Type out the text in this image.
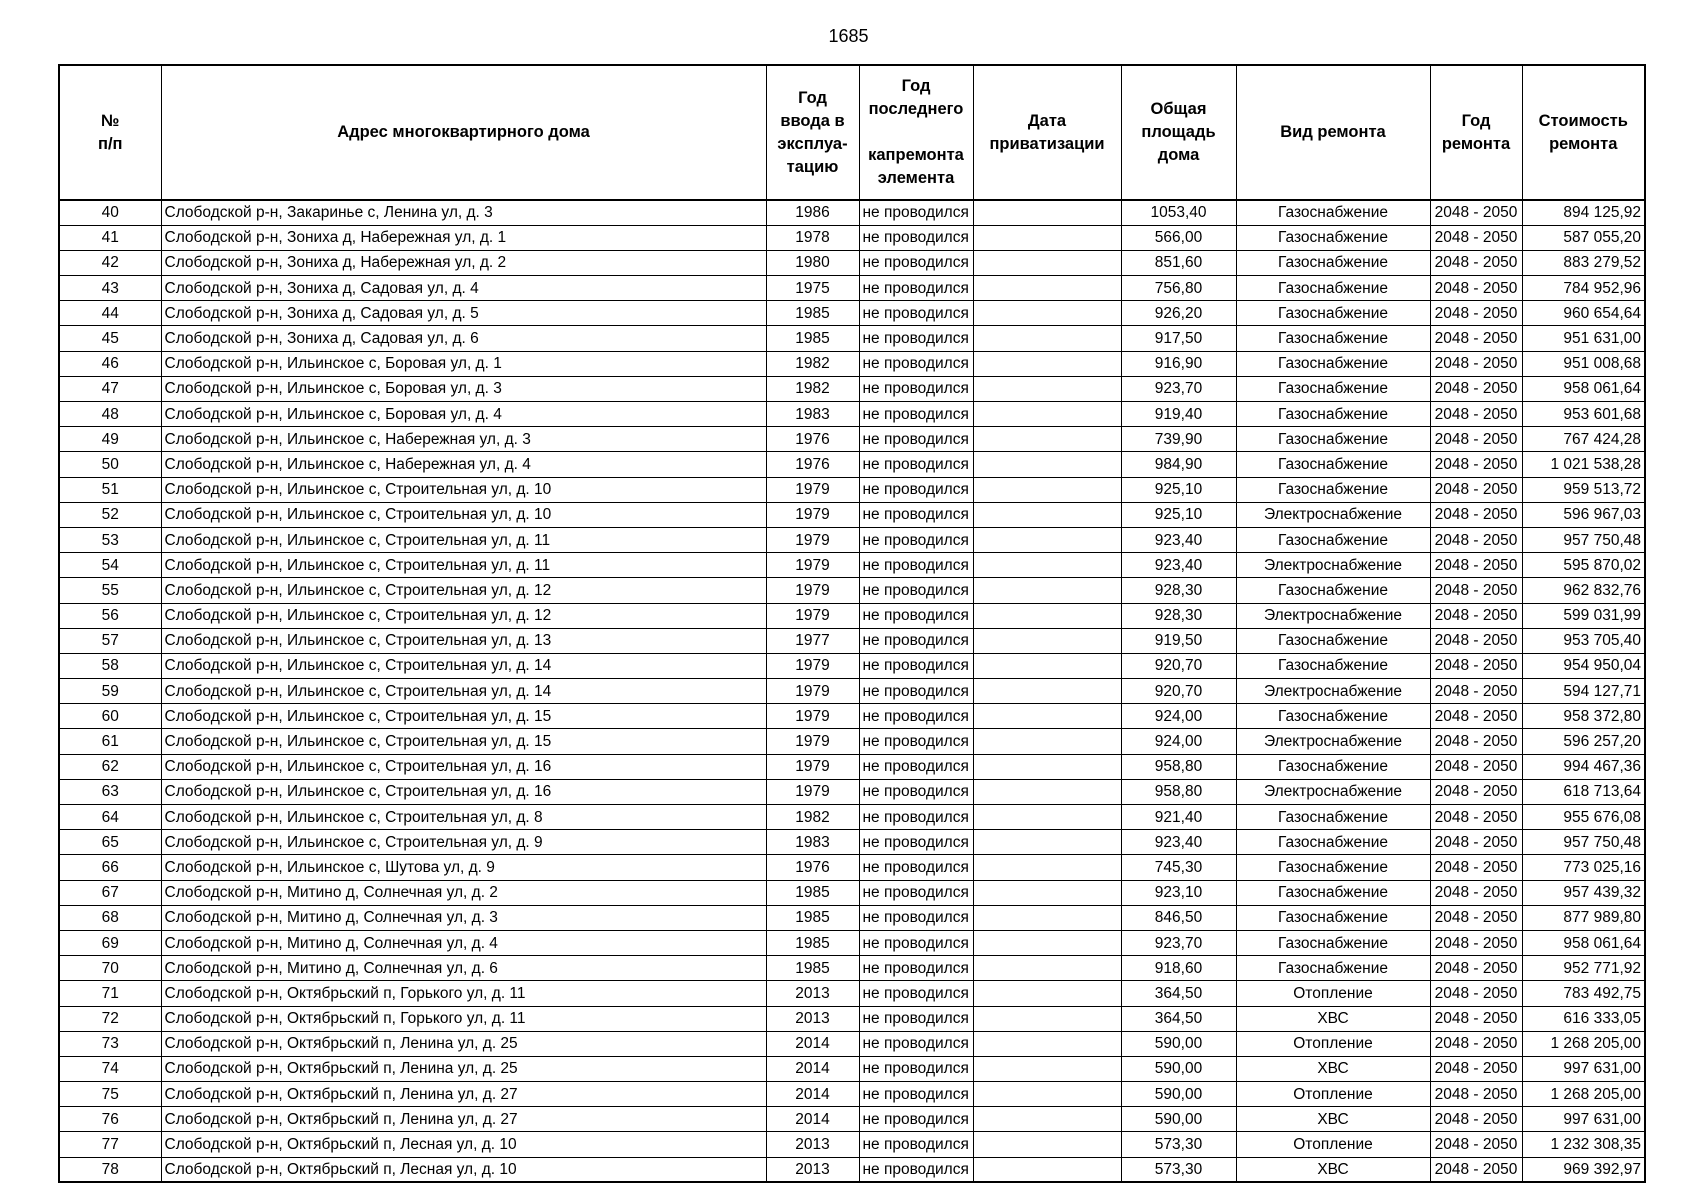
1685
№
п/п	Адрес многоквартирного дома	Год
ввода в
эксплуа-
тацию	Год
последнего

капремонта
элемента	Дата
приватизации	Общая
площадь
дома	Вид ремонта	Год
ремонта	Стоимость
ремонта

40	Слободской р-н, Закаринье с, Ленина ул, д. 3	1986	не проводился		1053,40	Газоснабжение	2048 - 2050	894 125,92
41	Слободской р-н, Зониха д, Набережная ул, д. 1	1978	не проводился		566,00	Газоснабжение	2048 - 2050	587 055,20
42	Слободской р-н, Зониха д, Набережная ул, д. 2	1980	не проводился		851,60	Газоснабжение	2048 - 2050	883 279,52
43	Слободской р-н, Зониха д, Садовая ул, д. 4	1975	не проводился		756,80	Газоснабжение	2048 - 2050	784 952,96
44	Слободской р-н, Зониха д, Садовая ул, д. 5	1985	не проводился		926,20	Газоснабжение	2048 - 2050	960 654,64
45	Слободской р-н, Зониха д, Садовая ул, д. 6	1985	не проводился		917,50	Газоснабжение	2048 - 2050	951 631,00
46	Слободской р-н, Ильинское с, Боровая ул, д. 1	1982	не проводился		916,90	Газоснабжение	2048 - 2050	951 008,68
47	Слободской р-н, Ильинское с, Боровая ул, д. 3	1982	не проводился		923,70	Газоснабжение	2048 - 2050	958 061,64
48	Слободской р-н, Ильинское с, Боровая ул, д. 4	1983	не проводился		919,40	Газоснабжение	2048 - 2050	953 601,68
49	Слободской р-н, Ильинское с, Набережная ул, д. 3	1976	не проводился		739,90	Газоснабжение	2048 - 2050	767 424,28
50	Слободской р-н, Ильинское с, Набережная ул, д. 4	1976	не проводился		984,90	Газоснабжение	2048 - 2050	1 021 538,28
51	Слободской р-н, Ильинское с, Строительная ул, д. 10	1979	не проводился		925,10	Газоснабжение	2048 - 2050	959 513,72
52	Слободской р-н, Ильинское с, Строительная ул, д. 10	1979	не проводился		925,10	Электроснабжение	2048 - 2050	596 967,03
53	Слободской р-н, Ильинское с, Строительная ул, д. 11	1979	не проводился		923,40	Газоснабжение	2048 - 2050	957 750,48
54	Слободской р-н, Ильинское с, Строительная ул, д. 11	1979	не проводился		923,40	Электроснабжение	2048 - 2050	595 870,02
55	Слободской р-н, Ильинское с, Строительная ул, д. 12	1979	не проводился		928,30	Газоснабжение	2048 - 2050	962 832,76
56	Слободской р-н, Ильинское с, Строительная ул, д. 12	1979	не проводился		928,30	Электроснабжение	2048 - 2050	599 031,99
57	Слободской р-н, Ильинское с, Строительная ул, д. 13	1977	не проводился		919,50	Газоснабжение	2048 - 2050	953 705,40
58	Слободской р-н, Ильинское с, Строительная ул, д. 14	1979	не проводился		920,70	Газоснабжение	2048 - 2050	954 950,04
59	Слободской р-н, Ильинское с, Строительная ул, д. 14	1979	не проводился		920,70	Электроснабжение	2048 - 2050	594 127,71
60	Слободской р-н, Ильинское с, Строительная ул, д. 15	1979	не проводился		924,00	Газоснабжение	2048 - 2050	958 372,80
61	Слободской р-н, Ильинское с, Строительная ул, д. 15	1979	не проводился		924,00	Электроснабжение	2048 - 2050	596 257,20
62	Слободской р-н, Ильинское с, Строительная ул, д. 16	1979	не проводился		958,80	Газоснабжение	2048 - 2050	994 467,36
63	Слободской р-н, Ильинское с, Строительная ул, д. 16	1979	не проводился		958,80	Электроснабжение	2048 - 2050	618 713,64
64	Слободской р-н, Ильинское с, Строительная ул, д. 8	1982	не проводился		921,40	Газоснабжение	2048 - 2050	955 676,08
65	Слободской р-н, Ильинское с, Строительная ул, д. 9	1983	не проводился		923,40	Газоснабжение	2048 - 2050	957 750,48
66	Слободской р-н, Ильинское с, Шутова ул, д. 9	1976	не проводился		745,30	Газоснабжение	2048 - 2050	773 025,16
67	Слободской р-н, Митино д, Солнечная ул, д. 2	1985	не проводился		923,10	Газоснабжение	2048 - 2050	957 439,32
68	Слободской р-н, Митино д, Солнечная ул, д. 3	1985	не проводился		846,50	Газоснабжение	2048 - 2050	877 989,80
69	Слободской р-н, Митино д, Солнечная ул, д. 4	1985	не проводился		923,70	Газоснабжение	2048 - 2050	958 061,64
70	Слободской р-н, Митино д, Солнечная ул, д. 6	1985	не проводился		918,60	Газоснабжение	2048 - 2050	952 771,92
71	Слободской р-н, Октябрьский п, Горького ул, д. 11	2013	не проводился		364,50	Отопление	2048 - 2050	783 492,75
72	Слободской р-н, Октябрьский п, Горького ул, д. 11	2013	не проводился		364,50	ХВС	2048 - 2050	616 333,05
73	Слободской р-н, Октябрьский п, Ленина ул, д. 25	2014	не проводился		590,00	Отопление	2048 - 2050	1 268 205,00
74	Слободской р-н, Октябрьский п, Ленина ул, д. 25	2014	не проводился		590,00	ХВС	2048 - 2050	997 631,00
75	Слободской р-н, Октябрьский п, Ленина ул, д. 27	2014	не проводился		590,00	Отопление	2048 - 2050	1 268 205,00
76	Слободской р-н, Октябрьский п, Ленина ул, д. 27	2014	не проводился		590,00	ХВС	2048 - 2050	997 631,00
77	Слободской р-н, Октябрьский п, Лесная ул, д. 10	2013	не проводился		573,30	Отопление	2048 - 2050	1 232 308,35
78	Слободской р-н, Октябрьский п, Лесная ул, д. 10	2013	не проводился		573,30	ХВС	2048 - 2050	969 392,97
